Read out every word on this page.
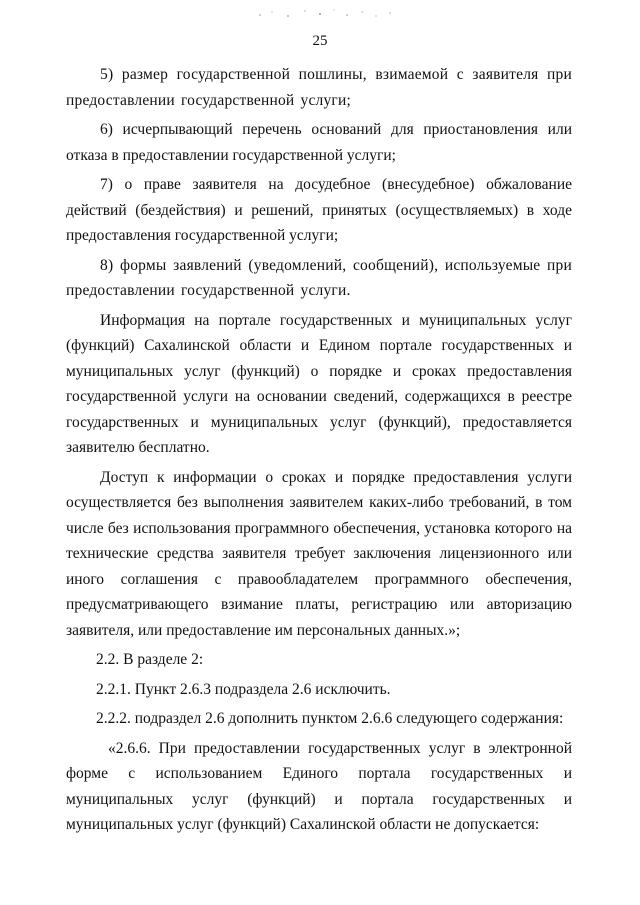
25

5) размер государственной пошлины, взимаемой с заявителя при предоставлении государственной услуги;

6) исчерпывающий перечень оснований для приостановления или отказа в предоставлении государственной услуги;

7) о праве заявителя на досудебное (внесудебное) обжалование действий (бездействия) и решений, принятых (осуществляемых) в ходе предоставления государственной услуги;

8) формы заявлений (уведомлений, сообщений), используемые при предоставлении государственной услуги.

Информация на портале государственных и муниципальных услуг (функций) Сахалинской области и Едином портале государственных и муниципальных услуг (функций) о порядке и сроках предоставления государственной услуги на основании сведений, содержащихся в реестре государственных и муниципальных услуг (функций), предоставляется заявителю бесплатно.

Доступ к информации о сроках и порядке предоставления услуги осуществляется без выполнения заявителем каких-либо требований, в том числе без использования программного обеспечения, установка которого на технические средства заявителя требует заключения лицензионного или иного соглашения с правообладателем программного обеспечения, предусматривающего взимание платы, регистрацию или авторизацию заявителя, или предоставление им персональных данных.»;

2.2. В разделе 2:

2.2.1. Пункт 2.6.3 подраздела 2.6 исключить.

2.2.2. подраздел 2.6 дополнить пунктом 2.6.6 следующего содержания:

«2.6.6. При предоставлении государственных услуг в электронной форме с использованием Единого портала государственных и муниципальных услуг (функций) и портала государственных и муниципальных услуг (функций) Сахалинской области не допускается:
